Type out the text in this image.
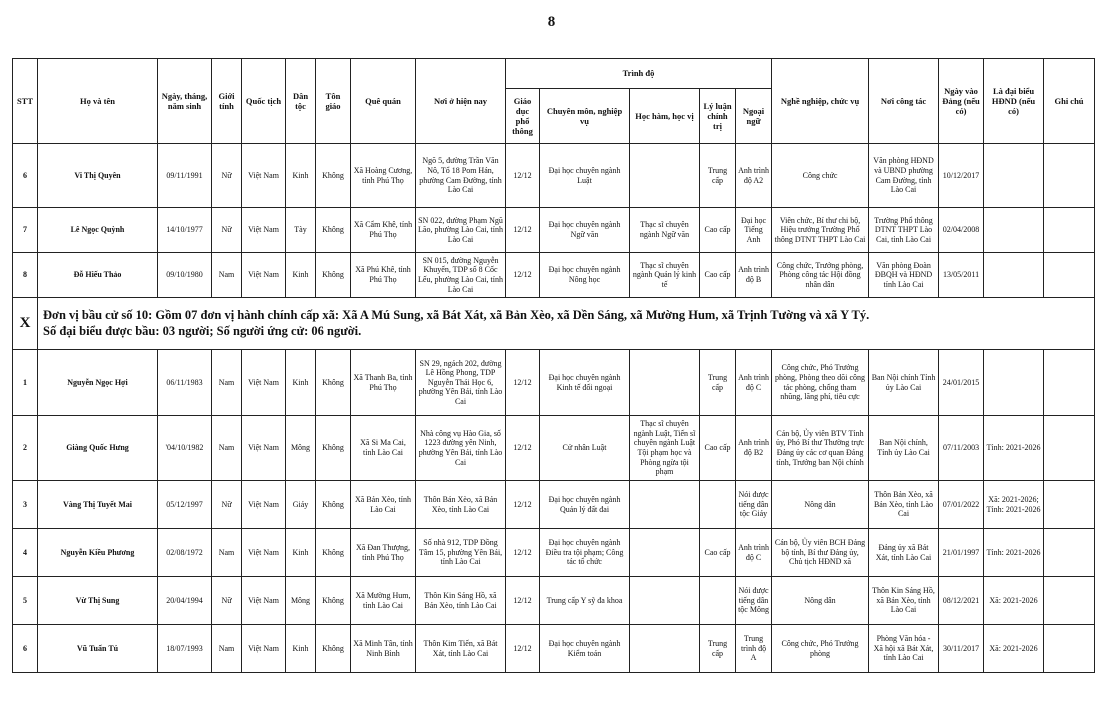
8
STT	Họ và tên	Ngày, tháng, năm sinh	Giới tính	Quốc tịch	Dân tộc	Tôn giáo	Quê quán	Nơi ở hiện nay	Trình độ					Nghề nghiệp, chức vụ	Nơi công tác	Ngày vào Đảng (nếu có)	Là đại biểu HĐND (nếu có)	Ghi chú
									Giáo dục phổ thông	Chuyên môn, nghiệp vụ	Học hàm, học vị	Lý luận chính trị	Ngoại ngữ					
6	Vi Thị Quyên	09/11/1991	Nữ	Việt Nam	Kinh	Không	Xã Hoàng Cương, tỉnh Phú Thọ	Ngõ 5, đường Trần Văn Nô, Tổ 18 Pom Hán, phường Cam Đường, tỉnh Lào Cai	12/12	Đại học chuyên ngành Luật		Trung cấp	Anh trình độ A2	Công chức	Văn phòng HĐND và UBND phường Cam Đường, tỉnh Lào Cai	10/12/2017		
7	Lê Ngọc Quỳnh	14/10/1977	Nữ	Việt Nam	Tày	Không	Xã Cẩm Khê, tỉnh Phú Thọ	SN 022, đường Phạm Ngũ Lão, phường Lào Cai, tỉnh Lào Cai	12/12	Đại học chuyên ngành Ngữ văn	Thạc sĩ chuyên ngành Ngữ văn	Cao cấp	Đại học Tiếng Anh	Viên chức, Bí thư chi bộ, Hiệu trưởng Trường Phổ thông DTNT THPT Lào Cai	Trường Phổ thông DTNT THPT Lào Cai, tỉnh Lào Cai	02/04/2008		
8	Đỗ Hiếu Thảo	09/10/1980	Nam	Việt Nam	Kinh	Không	Xã Phú Khê, tỉnh Phú Thọ	SN 015, đường Nguyễn Khuyến, TDP số 8 Cốc Lếu, phường Lào Cai, tỉnh Lào Cai	12/12	Đại học chuyên ngành Nông học	Thạc sĩ chuyên ngành Quản lý kinh tế	Cao cấp	Anh trình độ B	Công chức, Trưởng phòng, Phòng công tác Hội đồng nhân dân	Văn phòng Đoàn ĐBQH và HĐND tỉnh Lào Cai	13/05/2011		
X	Đơn vị bầu cử số 10: Gồm 07 đơn vị hành chính cấp xã: Xã A Mú Sung, xã Bát Xát, xã Bản Xèo, xã Dền Sáng, xã Mường Hum, xã Trịnh Tường và xã Y Tý.
Số đại biểu được bầu: 03 người; Số người ứng cử: 06 người.																	

1	Nguyễn Ngọc Hợi	06/11/1983	Nam	Việt Nam	Kinh	Không	Xã Thanh Ba, tỉnh Phú Thọ	SN 29, ngách 202, đường Lê Hồng Phong, TDP Nguyễn Thái Học 6, phường Yên Bái, tỉnh Lào Cai	12/12	Đại học chuyên ngành Kinh tế đối ngoại		Trung cấp	Anh trình độ C	Công chức, Phó Trưởng phòng, Phòng theo dõi công tác phòng, chống tham nhũng, lãng phí, tiêu cực	Ban Nội chính Tỉnh ủy Lào Cai	24/01/2015		
2	Giàng Quốc Hưng	'04/10/1982	Nam	Việt Nam	Mông	Không	Xã Si Ma Cai, tỉnh Lào Cai	Nhà công vụ Hào Gia, số 1223 đường yên Ninh, phường Yên Bái, tỉnh Lào Cai	12/12	Cử nhân Luật	Thạc sĩ chuyên ngành Luật, Tiến sĩ chuyên ngành Luật Tội phạm học và Phòng ngừa tội phạm	Cao cấp	Anh trình độ B2	Cán bộ, Ủy viên BTV Tỉnh ủy, Phó Bí thư Thường trực Đảng ủy các cơ quan Đảng tỉnh, Trưởng ban Nội chính	Ban Nội chính, Tỉnh ủy Lào Cai	07/11/2003	Tỉnh: 2021-2026	
3	Vàng Thị Tuyết Mai	05/12/1997	Nữ	Việt Nam	Giáy	Không	Xã Bản Xèo, tỉnh Lào Cai	Thôn Bản Xèo, xã Bản Xèo, tỉnh Lào Cai	12/12	Đại học chuyên ngành Quản lý đất đai			Nói được tiếng dân tộc Giáy	Nông dân	Thôn Bản Xèo, xã Bản Xèo, tỉnh Lào Cai	07/01/2022	Xã: 2021-2026; Tỉnh: 2021-2026	
4	Nguyễn Kiều Phương	02/08/1972	Nam	Việt Nam	Kinh	Không	Xã Đan Thượng, tỉnh Phú Thọ	Số nhà 912, TDP Đồng Tâm 15, phường Yên Bái, tỉnh Lào Cai	12/12	Đại học chuyên ngành Điều tra tội phạm; Công tác tổ chức		Cao cấp	Anh trình độ C	Cán bộ, Ủy viên BCH Đảng bộ tỉnh, Bí thư Đảng ủy, Chủ tịch HĐND xã	Đảng ủy xã Bát Xát, tỉnh Lào Cai	21/01/1997	Tỉnh: 2021-2026	
5	Vừ Thị Sung	20/04/1994	Nữ	Việt Nam	Mông	Không	Xã Mường Hum, tỉnh Lào Cai	Thôn Kin Sáng Hồ, xã Bản Xèo, tỉnh Lào Cai	12/12	Trung cấp Y sỹ đa khoa			Nói được tiếng dân tộc Mông	Nông dân	Thôn Kin Sáng Hồ, xã Bản Xèo, tỉnh Lào Cai	08/12/2021	Xã: 2021-2026	
6	Vũ Tuấn Tú	18/07/1993	Nam	Việt Nam	Kinh	Không	Xã Minh Tân, tỉnh Ninh Bình	Thôn Kim Tiến, xã Bát Xát, tỉnh Lào Cai	12/12	Đại học chuyên ngành Kiểm toán		Trung cấp	Trung trình độ A	Công chức, Phó Trưởng phòng	Phòng Văn hóa - Xã hội xã Bát Xát, tỉnh Lào Cai	30/11/2017	Xã: 2021-2026	
